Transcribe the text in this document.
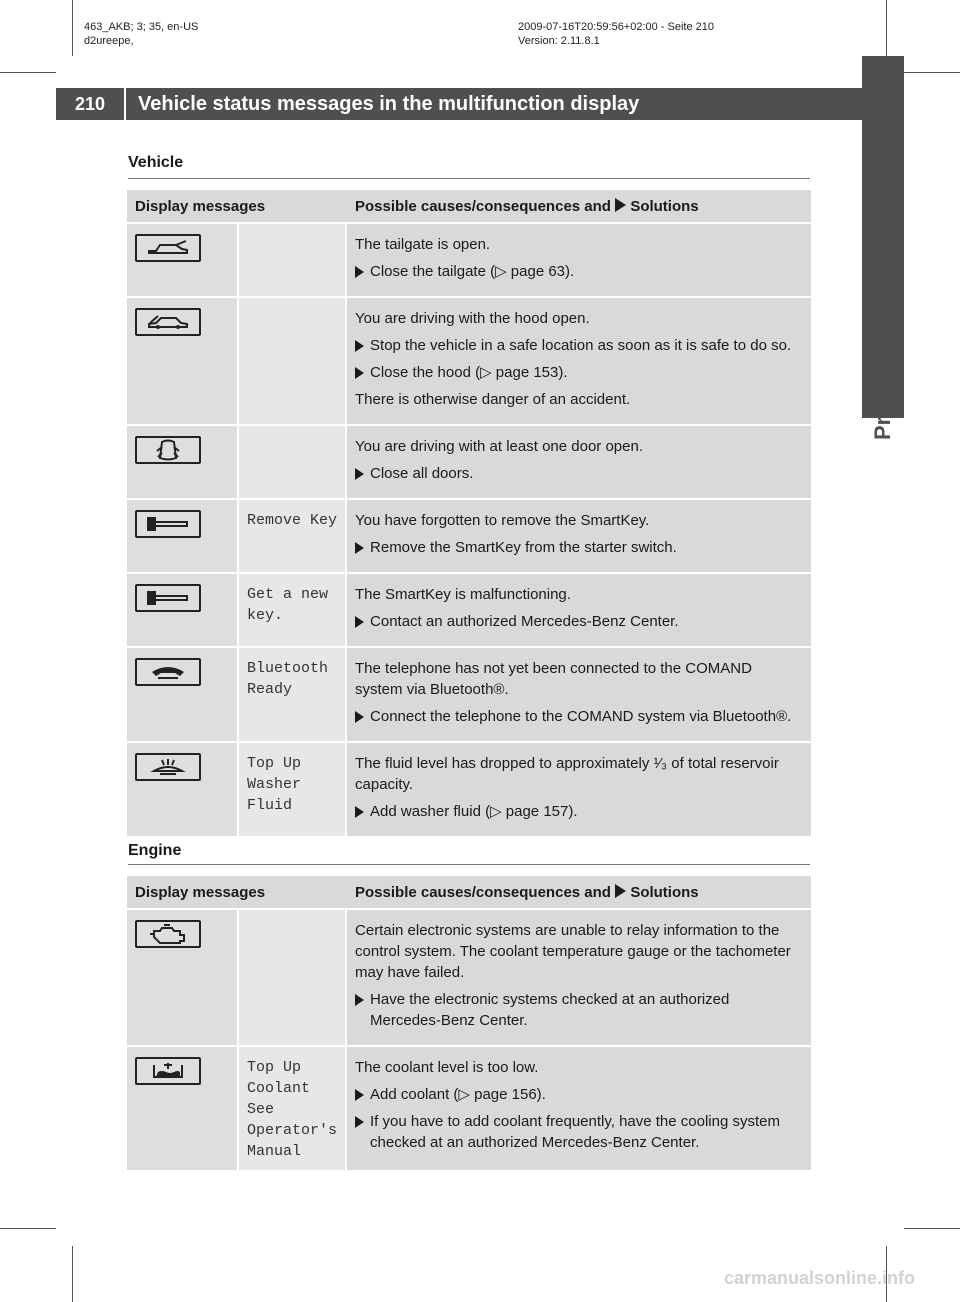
463_AKB; 3; 35, en-US
d2ureepe,
2009-07-16T20:59:56+02:00 - Seite 210
Version: 2.11.8.1
210	Vehicle status messages in the multifunction display
Practical hints
Vehicle
Display messages		Possible causes/consequences and Solutions

The tailgate is open.
Close the tailgate (▷ page 63).

You are driving with the hood open.
Stop the vehicle in a safe location as soon as it is safe to do so.
Close the hood (▷ page 153).
There is otherwise danger of an accident.

You are driving with at least one door open.
Close all doors.

	Remove Key	You have forgotten to remove the SmartKey.
Remove the SmartKey from the starter switch.

	Get a new key.	The SmartKey is malfunctioning.
Contact an authorized Mercedes-Benz Center.

	Bluetooth Ready	The telephone has not yet been connected to the COMAND system via Bluetooth®.
Connect the telephone to the COMAND system via Bluetooth®.

	Top Up Washer Fluid	The fluid level has dropped to approximately ¹⁄₃ of total reservoir capacity.
Add washer fluid (▷ page 157).
Engine
Display messages		Possible causes/consequences and Solutions

Certain electronic systems are unable to relay information to the control system. The coolant temperature gauge or the tachometer may have failed.
Have the electronic systems checked at an authorized Mercedes-Benz Center.

	Top Up Coolant See Operator's Manual	The coolant level is too low.
Add coolant (▷ page 156).
If you have to add coolant frequently, have the cooling system checked at an authorized Mercedes-Benz Center.
carmanualsonline.info
